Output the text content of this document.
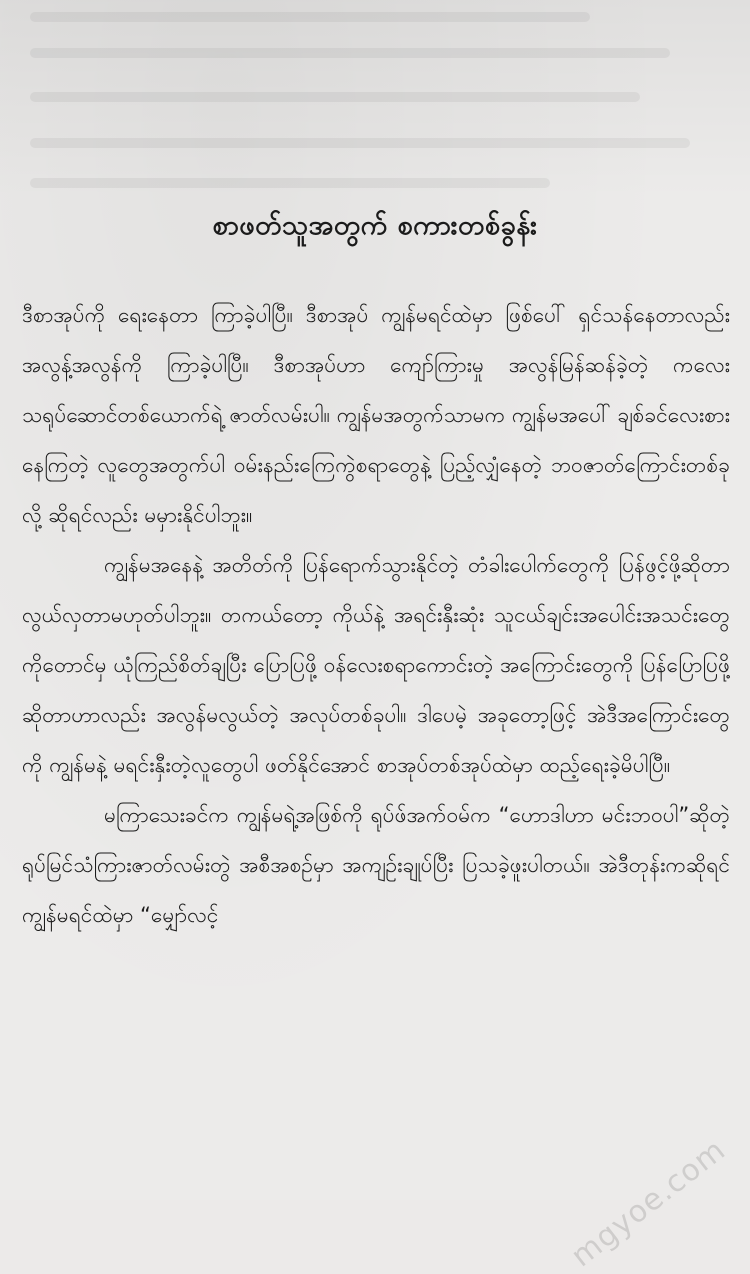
စာဖတ်သူအတွက် စကားတစ်ခွန်း

ဒီစာအုပ်ကို ရေးနေတာ ကြာခဲ့ပါပြီ။ ဒီစာအုပ် ကျွန်မရင်ထဲမှာ ဖြစ်ပေါ် ရှင်သန်နေတာလည်း အလွန့်အလွန်ကို ကြာခဲ့ပါပြီ။ ဒီစာအုပ်ဟာ ကျော်ကြားမှု အလွန်မြန်ဆန်ခဲ့တဲ့ ကလေးသရုပ်ဆောင်တစ်ယောက်ရဲ့ ဇာတ်လမ်းပါ။ ကျွန်မအတွက်သာမက ကျွန်မအပေါ် ချစ်ခင်လေးစားနေကြတဲ့ လူတွေအတွက်ပါ ဝမ်းနည်းကြေကွဲစရာတွေနဲ့ ပြည့်လျှံနေတဲ့ ဘဝဇာတ်ကြောင်းတစ်ခုလို့ ဆိုရင်လည်း မမှားနိုင်ပါဘူး။

ကျွန်မအနေနဲ့ အတိတ်ကို ပြန်ရောက်သွားနိုင်တဲ့ တံခါးပေါက်တွေကို ပြန်ဖွင့်ဖို့ဆိုတာ လွယ်လှတာမဟုတ်ပါဘူး။ တကယ်တော့ ကိုယ်နဲ့ အရင်းနှီးဆုံး သူငယ်ချင်းအပေါင်းအသင်းတွေကိုတောင်မှ ယုံကြည်စိတ်ချပြီး ပြောပြဖို့ ဝန်လေးစရာကောင်းတဲ့ အကြောင်းတွေကို ပြန်ပြောပြဖို့ဆိုတာဟာလည်း အလွန်မလွယ်တဲ့ အလုပ်တစ်ခုပါ။ ဒါပေမဲ့ အခုတော့ဖြင့် အဲဒီအကြောင်းတွေကို ကျွန်မနဲ့ မရင်းနှီးတဲ့လူတွေပါ ဖတ်နိုင်အောင် စာအုပ်တစ်အုပ်ထဲမှာ ထည့်ရေးခဲ့မိပါပြီ။

မကြာသေးခင်က ကျွန်မရဲ့အဖြစ်ကို ရုပ်ဖ်အက်ဝမ်က “ဟောဒါဟာ မင်းဘဝပါ”ဆိုတဲ့ ရုပ်မြင်သံကြားဇာတ်လမ်းတွဲ အစီအစဉ်မှာ အကျဉ်းချုပ်ပြီး ပြသခဲ့ဖူးပါတယ်။ အဲဒီတုန်းကဆိုရင် ကျွန်မရင်ထဲမှာ “မျှော်လင့်

mgyoe.com
